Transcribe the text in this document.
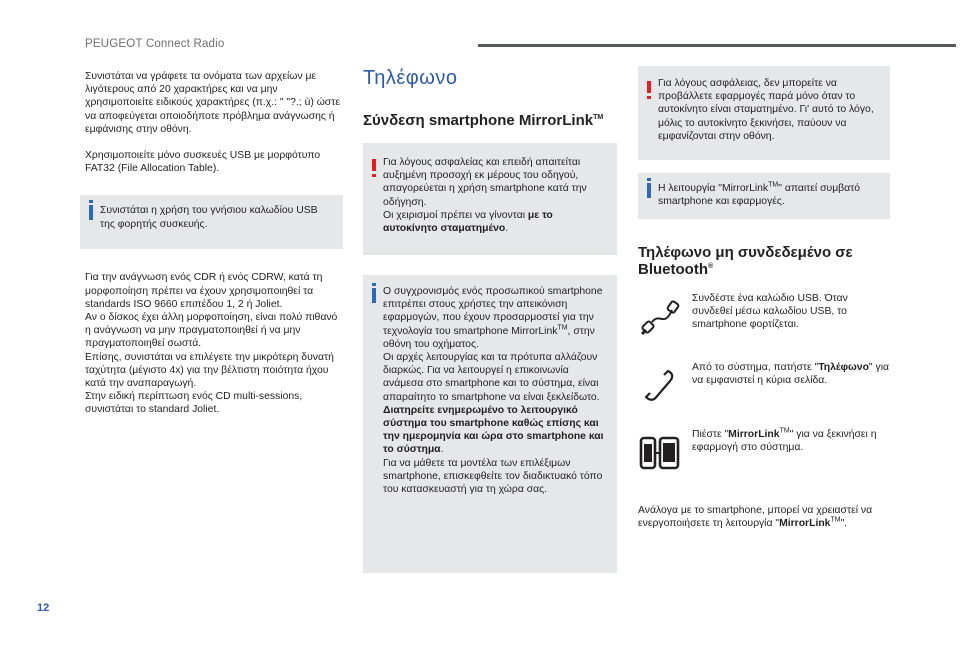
PEUGEOT Connect Radio
12

Συνιστάται να γράφετε τα ονόματα των αρχείων με λιγότερους από 20 χαρακτήρες και να μην χρησιμοποιείτε ειδικούς χαρακτήρες (π.χ.: " "?.; ù) ώστε να αποφεύγεται οποιοδήποτε πρόβλημα ανάγνωσης ή εμφάνισης στην οθόνη.

Χρησιμοποιείτε μόνο συσκευές USB με μορφότυπο FAT32 (File Allocation Table).

Συνιστάται η χρήση του γνήσιου καλωδίου USB της φορητής συσκευής.

Για την ανάγνωση ενός CDR ή ενός CDRW, κατά τη μορφοποίηση πρέπει να έχουν χρησιμοποιηθεί τα standards ISO 9660 επιπέδου 1, 2 ή Joliet.

Αν ο δίσκος έχει άλλη μορφοποίηση, είναι πολύ πιθανό η ανάγνωση να μην πραγματοποιηθεί ή να μην πραγματοποιηθεί σωστά.

Επίσης, συνιστάται να επιλέγετε την μικρότερη δυνατή ταχύτητα (μέγιστο 4x) για την βέλτιστη ποιότητα ήχου κατά την αναπαραγωγή.

Στην ειδική περίπτωση ενός CD multi-sessions, συνιστάται το standard Joliet.

Τηλέφωνο
Σύνδεση smartphone MirrorLink™

Για λόγους ασφαλείας και επειδή απαιτείται αυξημένη προσοχή εκ μέρους του οδηγού, απαγορεύεται η χρήση smartphone κατά την οδήγηση.

Οι χειρισμοί πρέπει να γίνονται με το αυτοκίνητο σταματημένο.

Ο συγχρονισμός ενός προσωπικού smartphone επιτρέπει στους χρήστες την απεικόνιση εφαρμογών, που έχουν προσαρμοστεί για την τεχνολογία του smartphone MirrorLink™, στην οθόνη του οχήματος.

Οι αρχές λειτουργίας και τα πρότυπα αλλάζουν διαρκώς. Για να λειτουργεί η επικοινωνία ανάμεσα στο smartphone και το σύστημα, είναι απαραίτητο το smartphone να είναι ξεκλείδωτο.

Διατηρείτε ενημερωμένο το λειτουργικό σύστημα του smartphone καθώς επίσης και την ημερομηνία και ώρα στο smartphone και το σύστημα.

Για να μάθετε τα μοντέλα των επιλέξιμων smartphone, επισκεφθείτε τον διαδικτυακό τόπο του κατασκευαστή για τη χώρα σας.

Για λόγους ασφάλειας, δεν μπορείτε να προβάλλετε εφαρμογές παρά μόνο όταν το αυτοκίνητο είναι σταματημένο. Γι' αυτό το λόγο, μόλις το αυτοκίνητο ξεκινήσει, παύουν να εμφανίζονται στην οθόνη.

Η λειτουργία "MirrorLink™" απαιτεί συμβατό smartphone και εφαρμογές.

Τηλέφωνο μη συνδεδεμένο σε Bluetooth®

Συνδέστε ένα καλώδιο USB. Όταν συνδεθεί μέσω καλωδίου USB, το smartphone φορτίζεται.

Από το σύστημα, πατήστε "Τηλέφωνο" για να εμφανιστεί η κύρια σελίδα.

Πιέστε "MirrorLink™" για να ξεκινήσει η εφαρμογή στο σύστημα.

Ανάλογα με το smartphone, μπορεί να χρειαστεί να ενεργοποιήσετε τη λειτουργία "MirrorLink™".
